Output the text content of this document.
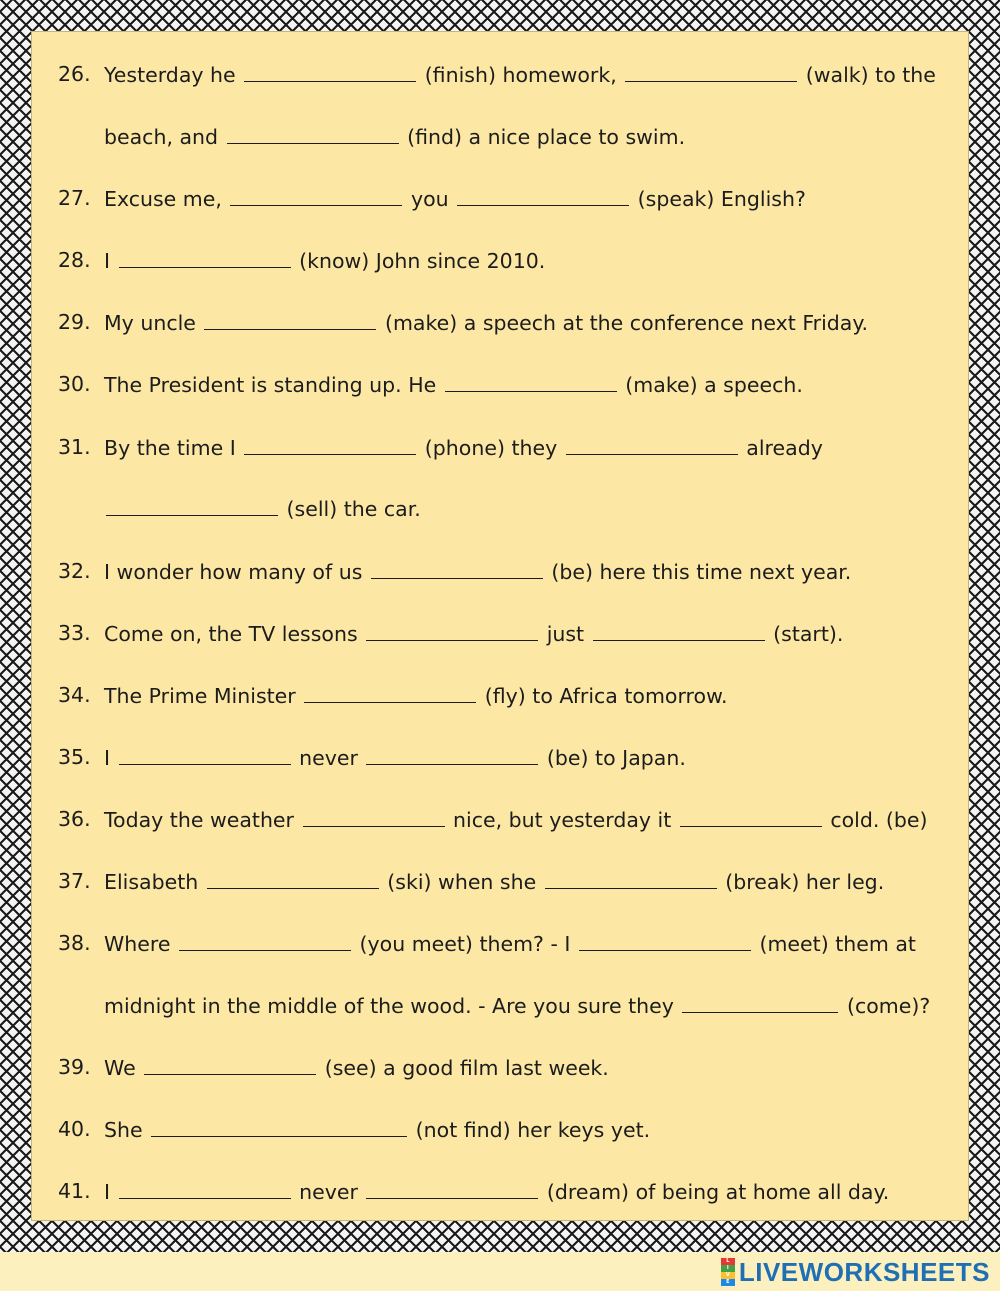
26. Yesterday he	(finish) homework,	(walk) to the
beach, and	(find) a nice place to swim.
27. Excuse me,	you	(speak) English?
28. I	(know) John since 2010.
29. My uncle	(make) a speech at the conference next Friday.
30. The President is standing up. He	(make) a speech.
31. By the time I	(phone) they	already
(sell) the car.
32. I wonder how many of us	(be) here this time next year.
33. Come on, the TV lessons	just	(start).
34. The Prime Minister	(fly) to Africa tomorrow.
35. I	never	(be) to Japan.
36. Today the weather	nice, but yesterday it	cold. (be)
37. Elisabeth	(ski) when she	(break) her leg.
38. Where	(you meet) them? - I	(meet) them at
midnight in the middle of the wood. - Are you sure they	(come)?
39. We	(see) a good film last week.
40. She	(not find) her keys yet.
41. I	never	(dream) of being at home all day.
L
I
V
E LIVEWORKSHEETS
